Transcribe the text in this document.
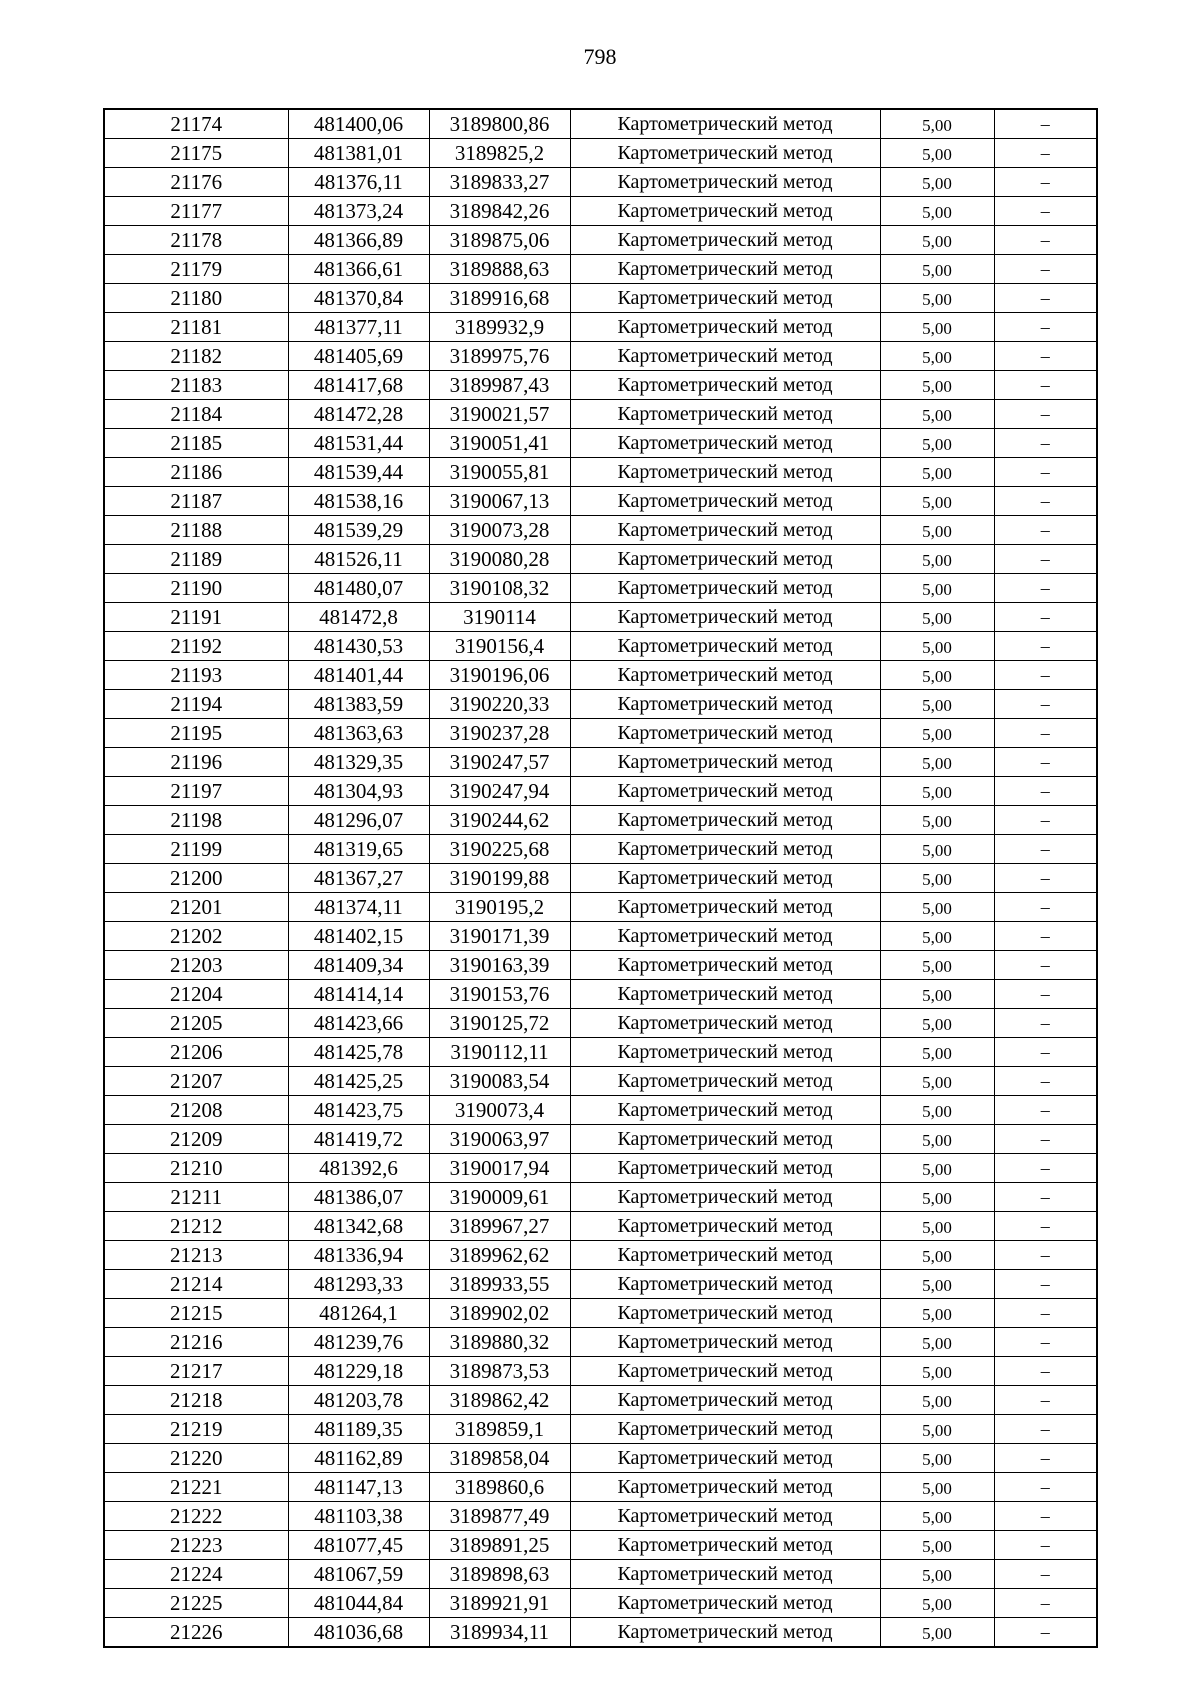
798
21174	481400,06	3189800,86	Картометрический метод	5,00	–
21175	481381,01	3189825,2	Картометрический метод	5,00	–
21176	481376,11	3189833,27	Картометрический метод	5,00	–
21177	481373,24	3189842,26	Картометрический метод	5,00	–
21178	481366,89	3189875,06	Картометрический метод	5,00	–
21179	481366,61	3189888,63	Картометрический метод	5,00	–
21180	481370,84	3189916,68	Картометрический метод	5,00	–
21181	481377,11	3189932,9	Картометрический метод	5,00	–
21182	481405,69	3189975,76	Картометрический метод	5,00	–
21183	481417,68	3189987,43	Картометрический метод	5,00	–
21184	481472,28	3190021,57	Картометрический метод	5,00	–
21185	481531,44	3190051,41	Картометрический метод	5,00	–
21186	481539,44	3190055,81	Картометрический метод	5,00	–
21187	481538,16	3190067,13	Картометрический метод	5,00	–
21188	481539,29	3190073,28	Картометрический метод	5,00	–
21189	481526,11	3190080,28	Картометрический метод	5,00	–
21190	481480,07	3190108,32	Картометрический метод	5,00	–
21191	481472,8	3190114	Картометрический метод	5,00	–
21192	481430,53	3190156,4	Картометрический метод	5,00	–
21193	481401,44	3190196,06	Картометрический метод	5,00	–
21194	481383,59	3190220,33	Картометрический метод	5,00	–
21195	481363,63	3190237,28	Картометрический метод	5,00	–
21196	481329,35	3190247,57	Картометрический метод	5,00	–
21197	481304,93	3190247,94	Картометрический метод	5,00	–
21198	481296,07	3190244,62	Картометрический метод	5,00	–
21199	481319,65	3190225,68	Картометрический метод	5,00	–
21200	481367,27	3190199,88	Картометрический метод	5,00	–
21201	481374,11	3190195,2	Картометрический метод	5,00	–
21202	481402,15	3190171,39	Картометрический метод	5,00	–
21203	481409,34	3190163,39	Картометрический метод	5,00	–
21204	481414,14	3190153,76	Картометрический метод	5,00	–
21205	481423,66	3190125,72	Картометрический метод	5,00	–
21206	481425,78	3190112,11	Картометрический метод	5,00	–
21207	481425,25	3190083,54	Картометрический метод	5,00	–
21208	481423,75	3190073,4	Картометрический метод	5,00	–
21209	481419,72	3190063,97	Картометрический метод	5,00	–
21210	481392,6	3190017,94	Картометрический метод	5,00	–
21211	481386,07	3190009,61	Картометрический метод	5,00	–
21212	481342,68	3189967,27	Картометрический метод	5,00	–
21213	481336,94	3189962,62	Картометрический метод	5,00	–
21214	481293,33	3189933,55	Картометрический метод	5,00	–
21215	481264,1	3189902,02	Картометрический метод	5,00	–
21216	481239,76	3189880,32	Картометрический метод	5,00	–
21217	481229,18	3189873,53	Картометрический метод	5,00	–
21218	481203,78	3189862,42	Картометрический метод	5,00	–
21219	481189,35	3189859,1	Картометрический метод	5,00	–
21220	481162,89	3189858,04	Картометрический метод	5,00	–
21221	481147,13	3189860,6	Картометрический метод	5,00	–
21222	481103,38	3189877,49	Картометрический метод	5,00	–
21223	481077,45	3189891,25	Картометрический метод	5,00	–
21224	481067,59	3189898,63	Картометрический метод	5,00	–
21225	481044,84	3189921,91	Картометрический метод	5,00	–
21226	481036,68	3189934,11	Картометрический метод	5,00	–
